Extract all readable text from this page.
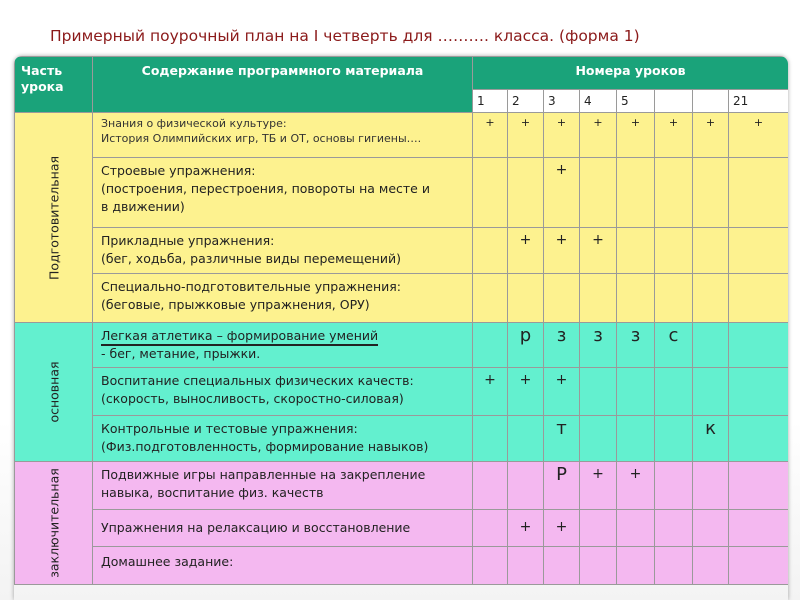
Примерный поурочный план на I четверть для ………. класса. (форма 1)
Часть урока	Содержание программного материала	Номера уроков							
		1	2	3	4	5			21

Подготовительная	Знания о физической культуре:
История Олимпийских игр, ТБ и ОТ, основы гигиены….	+	+	+	+	+	+	+	+
	Строевые упражнения:
(построения, перестроения, повороты на месте и
в движении)			+					
	Прикладные упражнения:
(бег, ходьба, различные виды перемещений)		+	+	+				
	Специально-подготовительные упражнения:
(беговые, прыжковые упражнения, ОРУ)								

основная	Легкая атлетика – формирование умений
- бег, метание, прыжки.		р	з	з	з	с		
	Воспитание специальных физических качеств:
(скорость, выносливость, скоростно-силовая)	+	+	+					
	Контрольные и тестовые упражнения:
(Физ.подготовленность, формирование навыков)			т				к	

заключительная	Подвижные игры направленные на закрепление
навыка, воспитание физ. качеств			Р	+	+			
	Упражнения на релаксацию и восстановление		+	+					
	Домашнее задание:								
